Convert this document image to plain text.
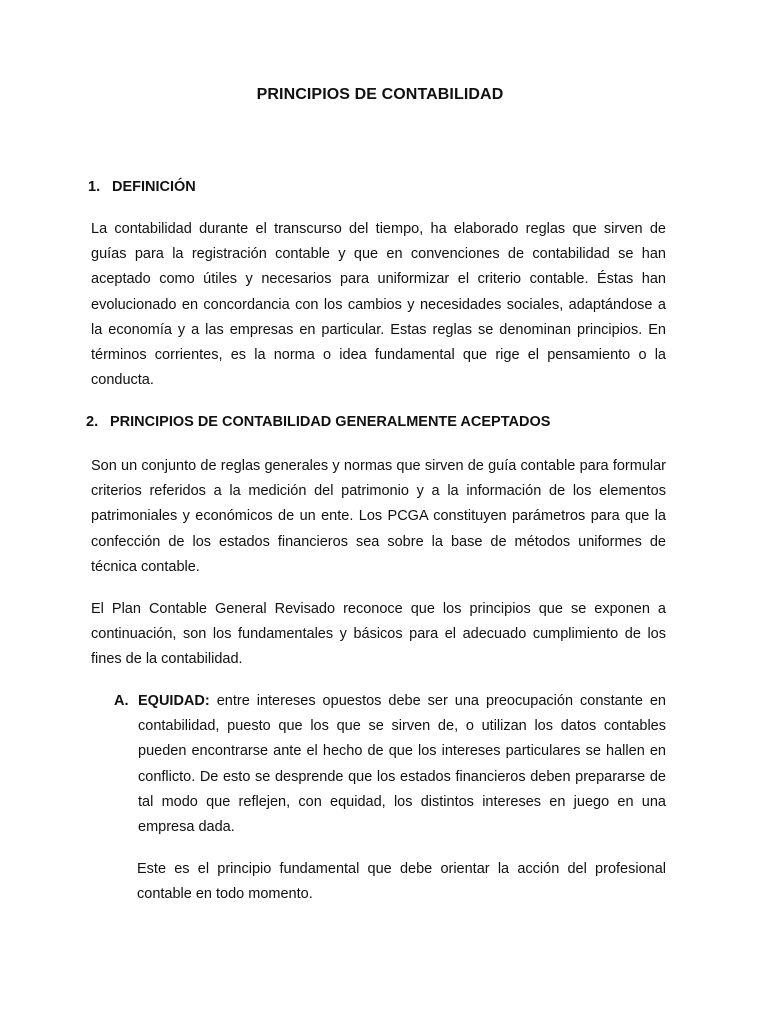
PRINCIPIOS DE CONTABILIDAD
1. DEFINICIÓN

La contabilidad durante el transcurso del tiempo, ha elaborado reglas que sirven de guías para la registración contable y que en convenciones de contabilidad se han aceptado como útiles y necesarios para uniformizar el criterio contable. Éstas han evolucionado en concordancia con los cambios y necesidades sociales, adaptándose a la economía y a las empresas en particular. Estas reglas se denominan principios. En términos corrientes, es la norma o idea fundamental que rige el pensamiento o la conducta.

2. PRINCIPIOS DE CONTABILIDAD GENERALMENTE ACEPTADOS

Son un conjunto de reglas generales y normas que sirven de guía contable para formular criterios referidos a la medición del patrimonio y a la información de los elementos patrimoniales y económicos de un ente. Los PCGA constituyen parámetros para que la confección de los estados financieros sea sobre la base de métodos uniformes de técnica contable.

El Plan Contable General Revisado reconoce que los principios que se exponen a continuación, son los fundamentales y básicos para el adecuado cumplimiento de los fines de la contabilidad.

A. EQUIDAD: entre intereses opuestos debe ser una preocupación constante en contabilidad, puesto que los que se sirven de, o utilizan los datos contables pueden encontrarse ante el hecho de que los intereses particulares se hallen en conflicto. De esto se desprende que los estados financieros deben prepararse de tal modo que reflejen, con equidad, los distintos intereses en juego en una empresa dada.

Este es el principio fundamental que debe orientar la acción del profesional contable en todo momento.
